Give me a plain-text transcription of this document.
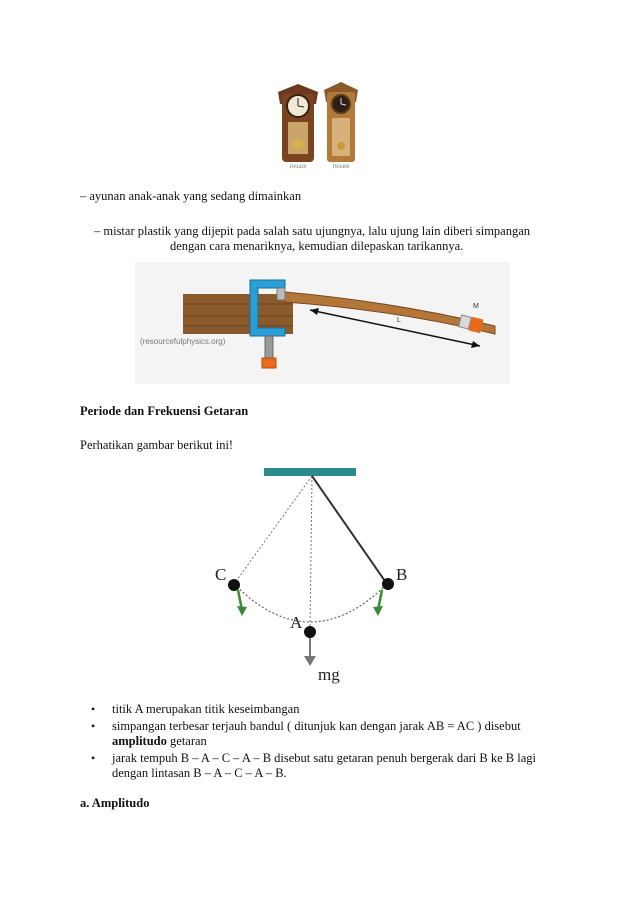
IW4420	IW4400
– ayunan anak-anak yang sedang dimainkan
– mistar plastik yang dijepit pada salah satu ujungnya, lalu ujung lain diberi simpangan
dengan cara menariknya, kemudian dilepaskan tarikannya.
M
L
(resourcefulphysics.org)
Periode dan Frekuensi Getaran
Perhatikan gambar berikut ini!
C	B
A
mg
• titik A merupakan titik keseimbangan
• simpangan terbesar terjauh bandul ( ditunjuk kan dengan jarak AB = AC ) disebut
amplitudo getaran
• jarak tempuh B – A – C – A – B disebut satu getaran penuh bergerak dari B ke B lagi
dengan lintasan B – A – C – A – B.
a. Amplitudo
